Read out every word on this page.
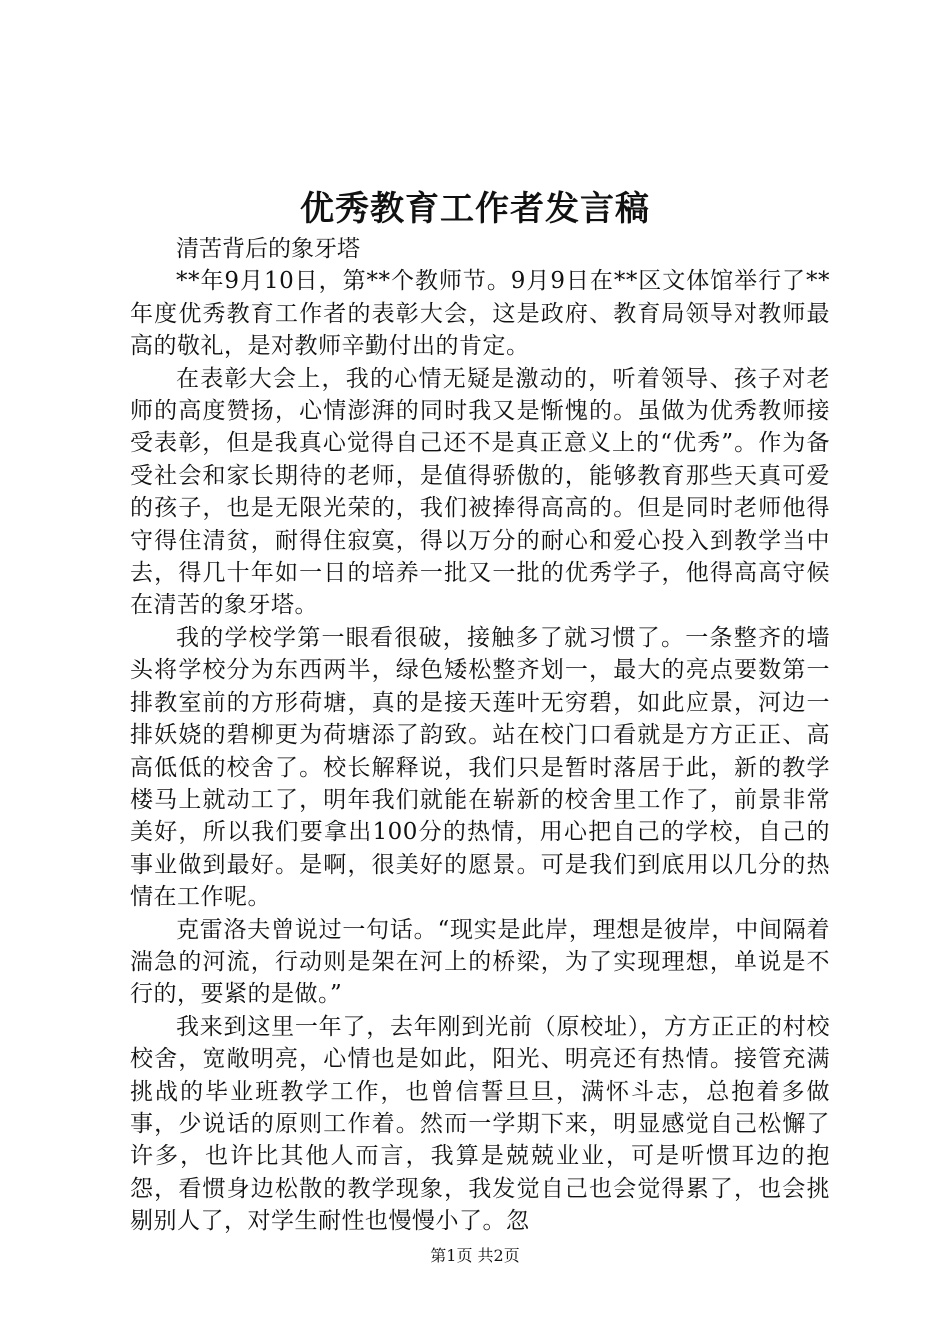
优秀教育工作者发言稿
清苦背后的象牙塔

**年9月10日，第**个教师节。9月9日在**区文体馆举行了**年度优秀教育工作者的表彰大会，这是政府、教育局领导对教师最高的敬礼，是对教师辛勤付出的肯定。

在表彰大会上，我的心情无疑是激动的，听着领导、孩子对老师的高度赞扬，心情澎湃的同时我又是惭愧的。虽做为优秀教师接受表彰，但是我真心觉得自己还不是真正意义上的“优秀”。作为备受社会和家长期待的老师，是值得骄傲的，能够教育那些天真可爱的孩子，也是无限光荣的，我们被捧得高高的。但是同时老师他得守得住清贫，耐得住寂寞，得以万分的耐心和爱心投入到教学当中去，得几十年如一日的培养一批又一批的优秀学子，他得高高守候在清苦的象牙塔。

我的学校学第一眼看很破，接触多了就习惯了。一条整齐的墙头将学校分为东西两半，绿色矮松整齐划一，最大的亮点要数第一排教室前的方形荷塘，真的是接天莲叶无穷碧，如此应景，河边一排妖娆的碧柳更为荷塘添了韵致。站在校门口看就是方方正正、高高低低的校舍了。校长解释说，我们只是暂时落居于此，新的教学楼马上就动工了，明年我们就能在崭新的校舍里工作了，前景非常美好，所以我们要拿出100分的热情，用心把自己的学校，自己的事业做到最好。是啊，很美好的愿景。可是我们到底用以几分的热情在工作呢。

克雷洛夫曾说过一句话。“现实是此岸，理想是彼岸，中间隔着湍急的河流，行动则是架在河上的桥梁，为了实现理想，单说是不行的，要紧的是做。”

我来到这里一年了，去年刚到光前（原校址），方方正正的村校校舍，宽敞明亮，心情也是如此，阳光、明亮还有热情。接管充满挑战的毕业班教学工作，也曾信誓旦旦，满怀斗志，总抱着多做事，少说话的原则工作着。然而一学期下来，明显感觉自己松懈了许多，也许比其他人而言，我算是兢兢业业，可是听惯耳边的抱怨，看惯身边松散的教学现象，我发觉自己也会觉得累了，也会挑剔别人了，对学生耐性也慢慢小了。忽

第1页 共2页
